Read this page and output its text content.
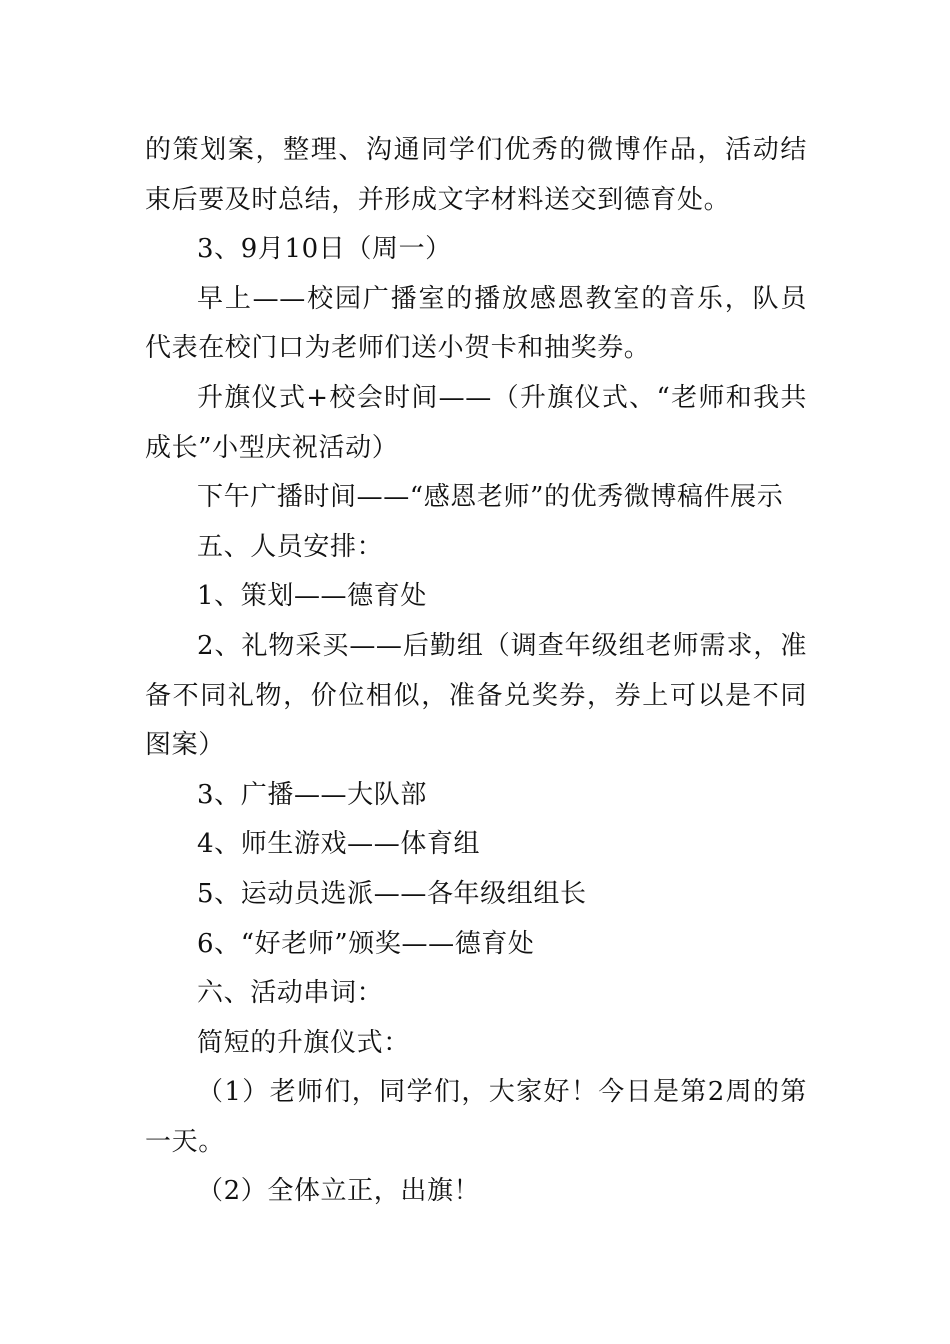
的策划案，整理、沟通同学们优秀的微博作品，活动结束后要及时总结，并形成文字材料送交到德育处。

3、9月10日（周一）

早上——校园广播室的播放感恩教室的音乐，队员代表在校门口为老师们送小贺卡和抽奖券。

升旗仪式+校会时间——（升旗仪式、“老师和我共成长”小型庆祝活动）

下午广播时间——“感恩老师”的优秀微博稿件展示

五、人员安排：

1、策划——德育处

2、礼物采买——后勤组（调查年级组老师需求，准备不同礼物，价位相似，准备兑奖券，券上可以是不同图案）

3、广播——大队部

4、师生游戏——体育组

5、运动员选派——各年级组组长

6、“好老师”颁奖——德育处

六、活动串词：

简短的升旗仪式：

（1）老师们，同学们，大家好！今日是第2周的第一天。

（2）全体立正，出旗！
